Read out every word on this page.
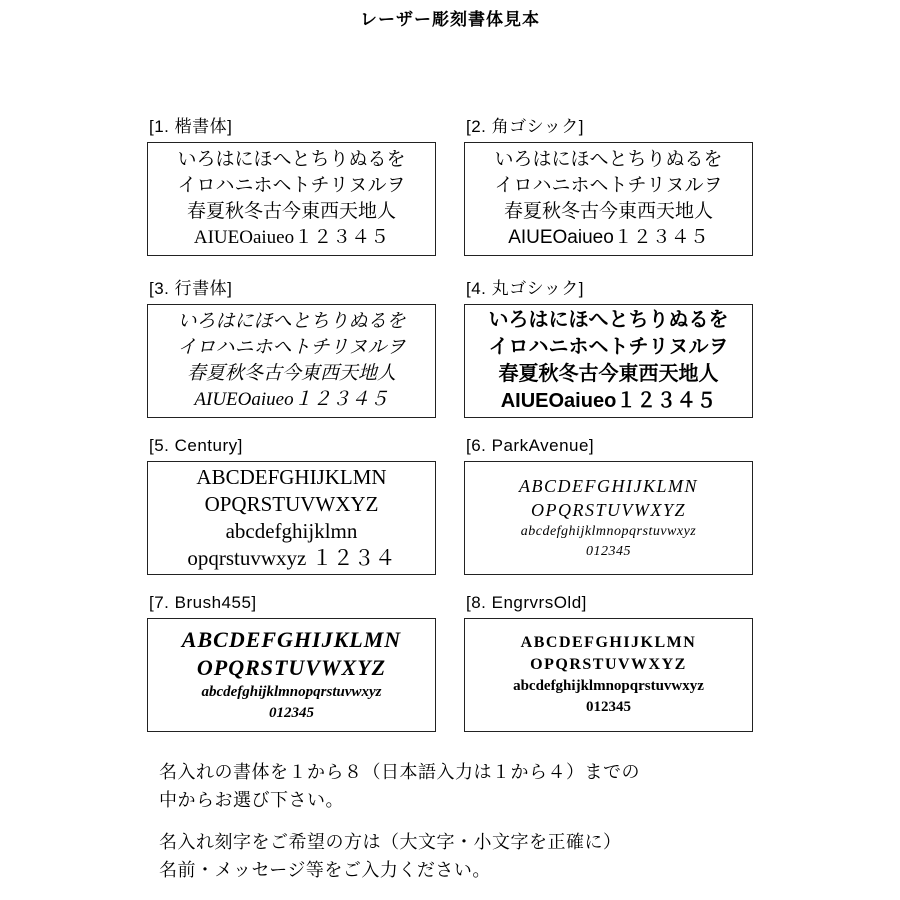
レーザー彫刻書体見本
[1. 楷書体]
いろはにほへとちりぬるを
イロハニホヘトチリヌルヲ
春夏秋冬古今東西天地人
AIUEOaiueo１２３４５
[2. 角ゴシック]
いろはにほへとちりぬるを
イロハニホヘトチリヌルヲ
春夏秋冬古今東西天地人
AIUEOaiueo１２３４５
[3. 行書体]
いろはにほへとちりぬるを
イロハニホヘトチリヌルヲ
春夏秋冬古今東西天地人
AIUEOaiueo１２３４５
[4. 丸ゴシック]
いろはにほへとちりぬるを
イロハニホヘトチリヌルヲ
春夏秋冬古今東西天地人
AIUEOaiueo１２３４５
[5. Century]
ABCDEFGHIJKLMN
OPQRSTUVWXYZ
abcdefghijklmn
opqrstuvwxyz １２３４
[6. ParkAvenue]
ABCDEFGHIJKLMN
OPQRSTUVWXYZ
abcdefghijklmnopqrstuvwxyz
012345
[7. Brush455]
ABCDEFGHIJKLMN
OPQRSTUVWXYZ
abcdefghijklmnopqrstuvwxyz
012345
[8. EngrvrsOld]
ABCDEFGHIJKLMN
OPQRSTUVWXYZ
abcdefghijklmnopqrstuvwxyz
012345

名入れの書体を１から８（日本語入力は１から４）までの
中からお選び下さい。

名入れ刻字をご希望の方は（大文字・小文字を正確に）
名前・メッセージ等をご入力ください。
